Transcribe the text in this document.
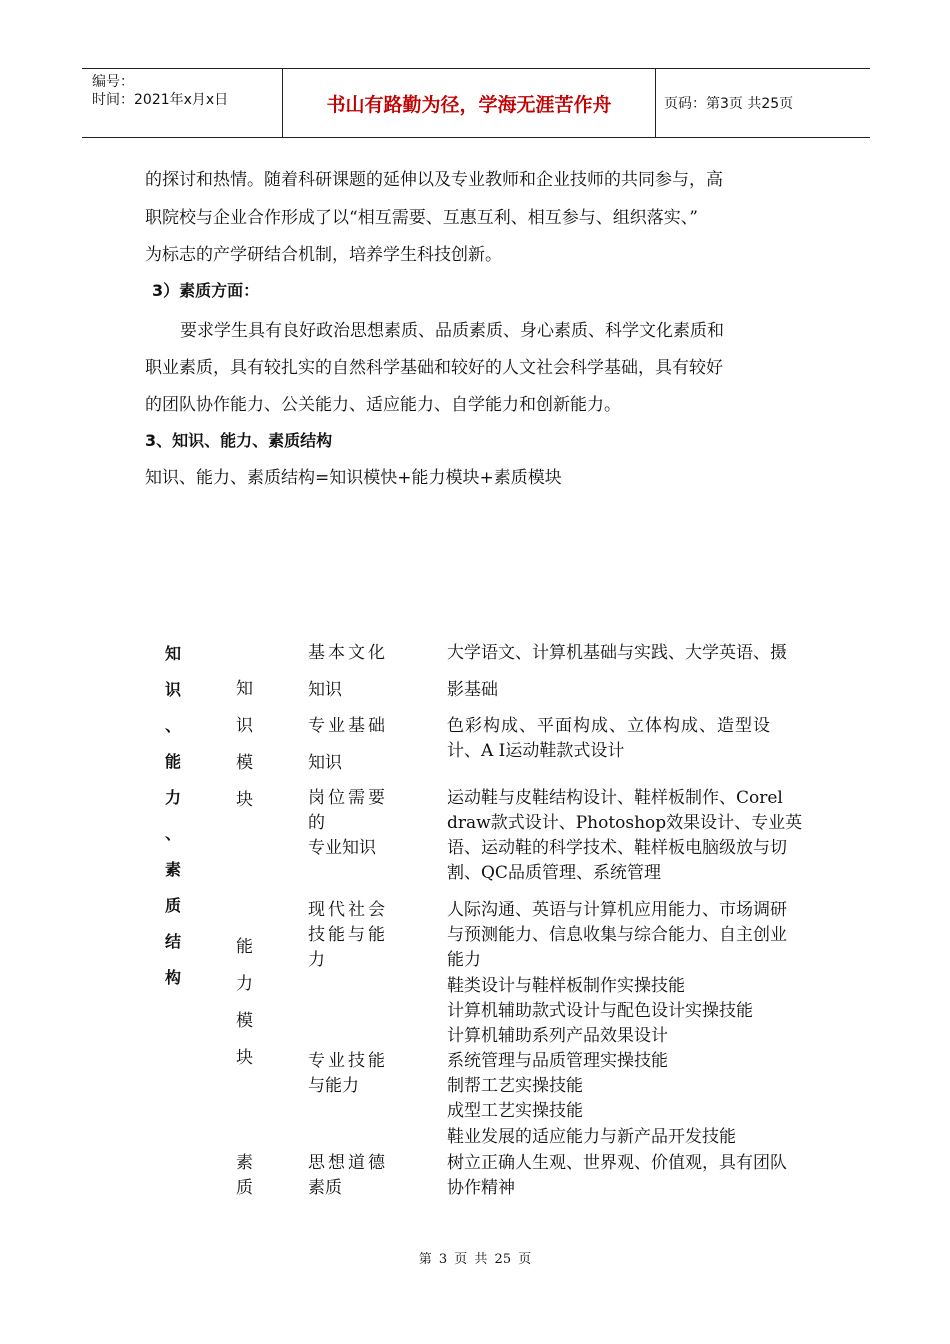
编号：
时间：2021年x月x日	书山有路勤为径，学海无涯苦作舟	页码：第3页 共25页
的探讨和热情。随着科研课题的延伸以及专业教师和企业技师的共同参与，高
职院校与企业合作形成了以“相互需要、互惠互利、相互参与、组织落实、”
为标志的产学研结合机制，培养学生科技创新。
3）素质方面：
要求学生具有良好政治思想素质、品质素质、身心素质、科学文化素质和
职业素质，具有较扎实的自然科学基础和较好的人文社会科学基础，具有较好
的团队协作能力、公关能力、适应能力、自学能力和创新能力。
3、知识、能力、素质结构
知识、能力、素质结构=知识模快+能力模块+素质模块
知
识
、
能
力
、
素
质
结
构
知
识
模
块
能
力
模
块
素
质
基本文化
知识
专业基础
知识
岗位需要
的
专业知识
现代社会
技能与能
力
专业技能
与能力
思想道德
素质
大学语文、计算机基础与实践、大学英语、摄
影基础
色彩构成、平面构成、立体构成、造型设
计、A I运动鞋款式设计
运动鞋与皮鞋结构设计、鞋样板制作、Corel
draw款式设计、Photoshop效果设计、专业英
语、运动鞋的科学技术、鞋样板电脑级放与切
割、QC品质管理、系统管理
人际沟通、英语与计算机应用能力、市场调研
与预测能力、信息收集与综合能力、自主创业
能力
鞋类设计与鞋样板制作实操技能
计算机辅助款式设计与配色设计实操技能
计算机辅助系列产品效果设计
系统管理与品质管理实操技能
制帮工艺实操技能
成型工艺实操技能
鞋业发展的适应能力与新产品开发技能
树立正确人生观、世界观、价值观，具有团队
协作精神
第 3 页 共 25 页
